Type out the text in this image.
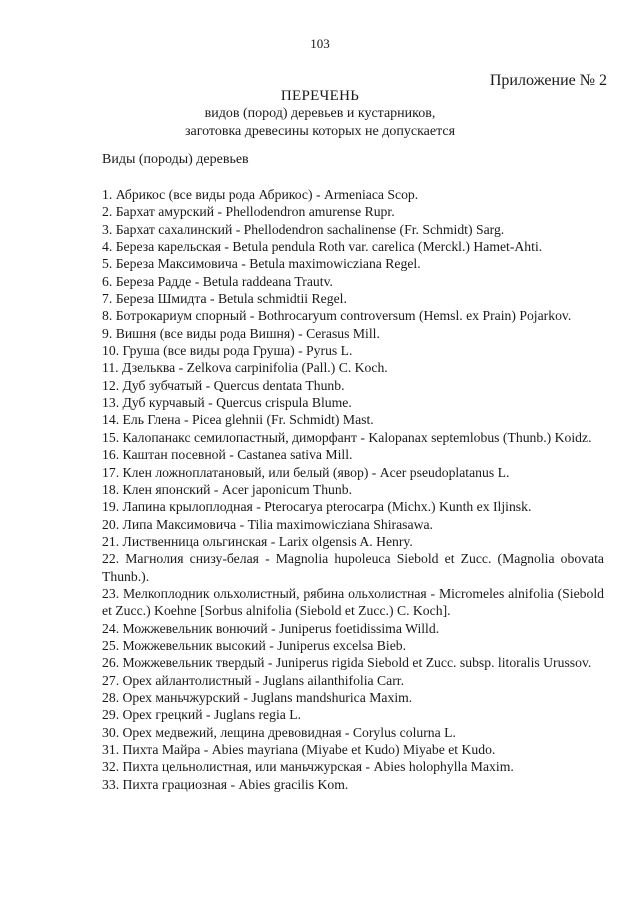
103
Приложение № 2
ПЕРЕЧЕНЬ
видов (пород) деревьев и кустарников,
заготовка древесины которых не допускается
Виды (породы) деревьев
1. Абрикос (все виды рода Абрикос) - Armeniaca Scop.
2. Бархат амурский - Phellodendron amurense Rupr.
3. Бархат сахалинский - Phellodendron sachalinense (Fr. Schmidt) Sarg.
4. Береза карельская - Betula pendula Roth var. carelica (Merckl.) Hamet-Ahti.
5. Береза Максимовича - Betula maximowicziana Regel.
6. Береза Радде - Betula raddeana Trautv.
7. Береза Шмидта - Betula schmidtii Regel.
8. Ботрокариум спорный - Bothrocaryum controversum (Hemsl. ex Prain) Pojarkov.
9. Вишня (все виды рода Вишня) - Cerasus Mill.
10. Груша (все виды рода Груша) - Pyrus L.
11. Дзельква - Zelkova carpinifolia (Pall.) C. Koch.
12. Дуб зубчатый - Quercus dentata Thunb.
13. Дуб курчавый - Quercus crispula Blume.
14. Ель Глена - Picea glehnii (Fr. Schmidt) Mast.
15. Калопанакс семилопастный, диморфант - Kalopanax septemlobus (Thunb.) Koidz.
16. Каштан посевной - Castanea sativa Mill.
17. Клен ложноплатановый, или белый (явор) - Acer pseudoplatanus L.
18. Клен японский - Acer japonicum Thunb.
19. Лапина крылоплодная - Pterocarya pterocarpa (Michx.) Kunth ex Iljinsk.
20. Липа Максимовича - Tilia maximowicziana Shirasawa.
21. Лиственница ольгинская - Larix olgensis A. Henry.
22. Магнолия снизу-белая - Magnolia hupoleuca Siebold et Zucc. (Magnolia obovata Thunb.).
23. Мелкоплодник ольхолистный, рябина ольхолистная - Micromeles alnifolia (Siebold et Zucc.) Koehne [Sorbus alnifolia (Siebold et Zucc.) C. Koch].
24. Можжевельник вонючий - Juniperus foetidissima Willd.
25. Можжевельник высокий - Juniperus excelsa Bieb.
26. Можжевельник твердый - Juniperus rigida Siebold et Zucc. subsp. litoralis Urussov.
27. Орех айлантолистный - Juglans ailanthifolia Carr.
28. Орех маньчжурский - Juglans mandshurica Maxim.
29. Орех грецкий - Juglans regia L.
30. Орех медвежий, лещина древовидная - Corylus colurna L.
31. Пихта Майра - Abies mayriana (Miyabe et Kudo) Miyabe et Kudo.
32. Пихта цельнолистная, или маньчжурская - Abies holophylla Maxim.
33. Пихта грациозная - Abies gracilis Kom.
